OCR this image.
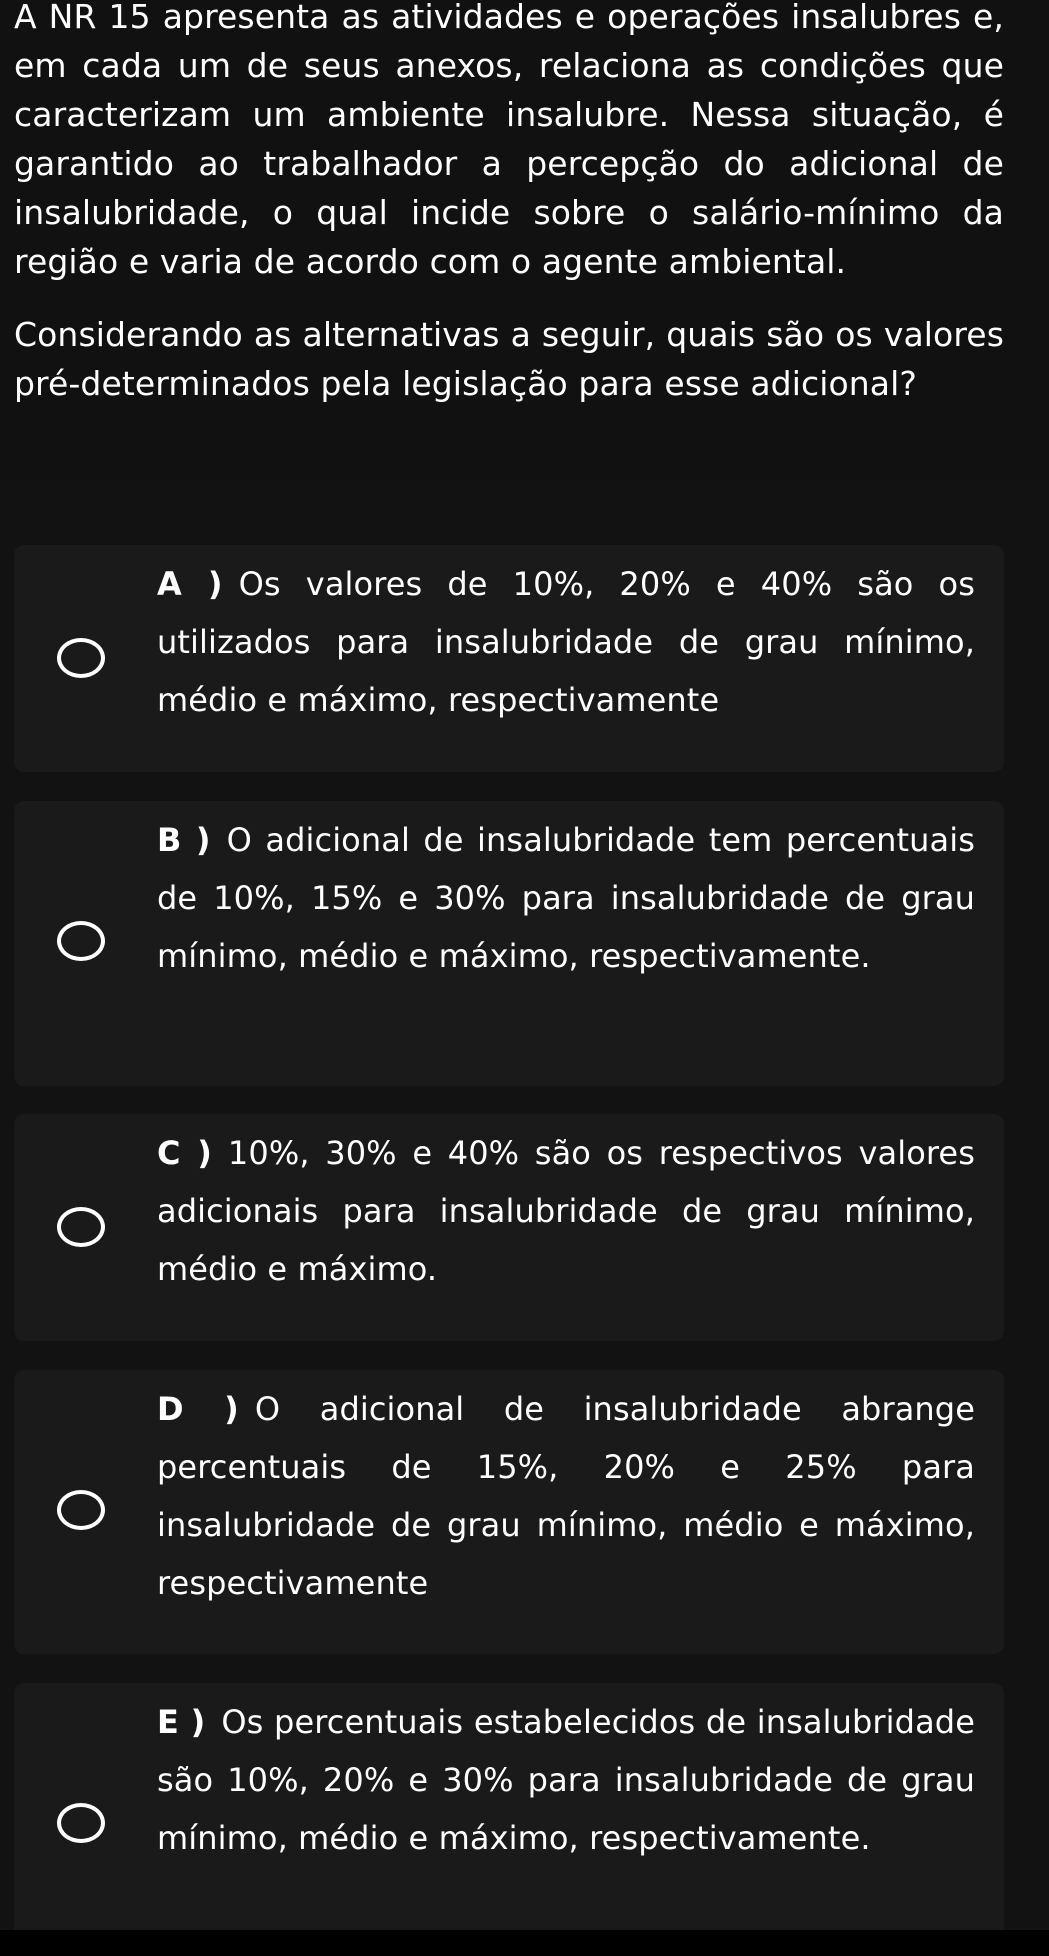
A NR 15 apresenta as atividades e operações insalubres e, em cada um de seus anexos, relaciona as condições que caracterizam um ambiente insalubre. Nessa situação, é garantido ao trabalhador a percepção do adicional de insalubridade, o qual incide sobre o salário-mínimo da região e varia de acordo com o agente ambiental.

Considerando as alternativas a seguir, quais são os valores pré-determinados pela legislação para esse adicional?

A ) Os valores de 10%, 20% e 40% são os utilizados para insalubridade de grau mínimo, médio e máximo, respectivamente
B ) O adicional de insalubridade tem percentuais de 10%, 15% e 30% para insalubridade de grau mínimo, médio e máximo, respectivamente.
C ) 10%, 30% e 40% são os respectivos valores adicionais para insalubridade de grau mínimo, médio e máximo.
D ) O adicional de insalubridade abrange percentuais de 15%, 20% e 25% para insalubridade de grau mínimo, médio e máximo, respectivamente
E ) Os percentuais estabelecidos de insalubridade são 10%, 20% e 30% para insalubridade de grau mínimo, médio e máximo, respectivamente.
